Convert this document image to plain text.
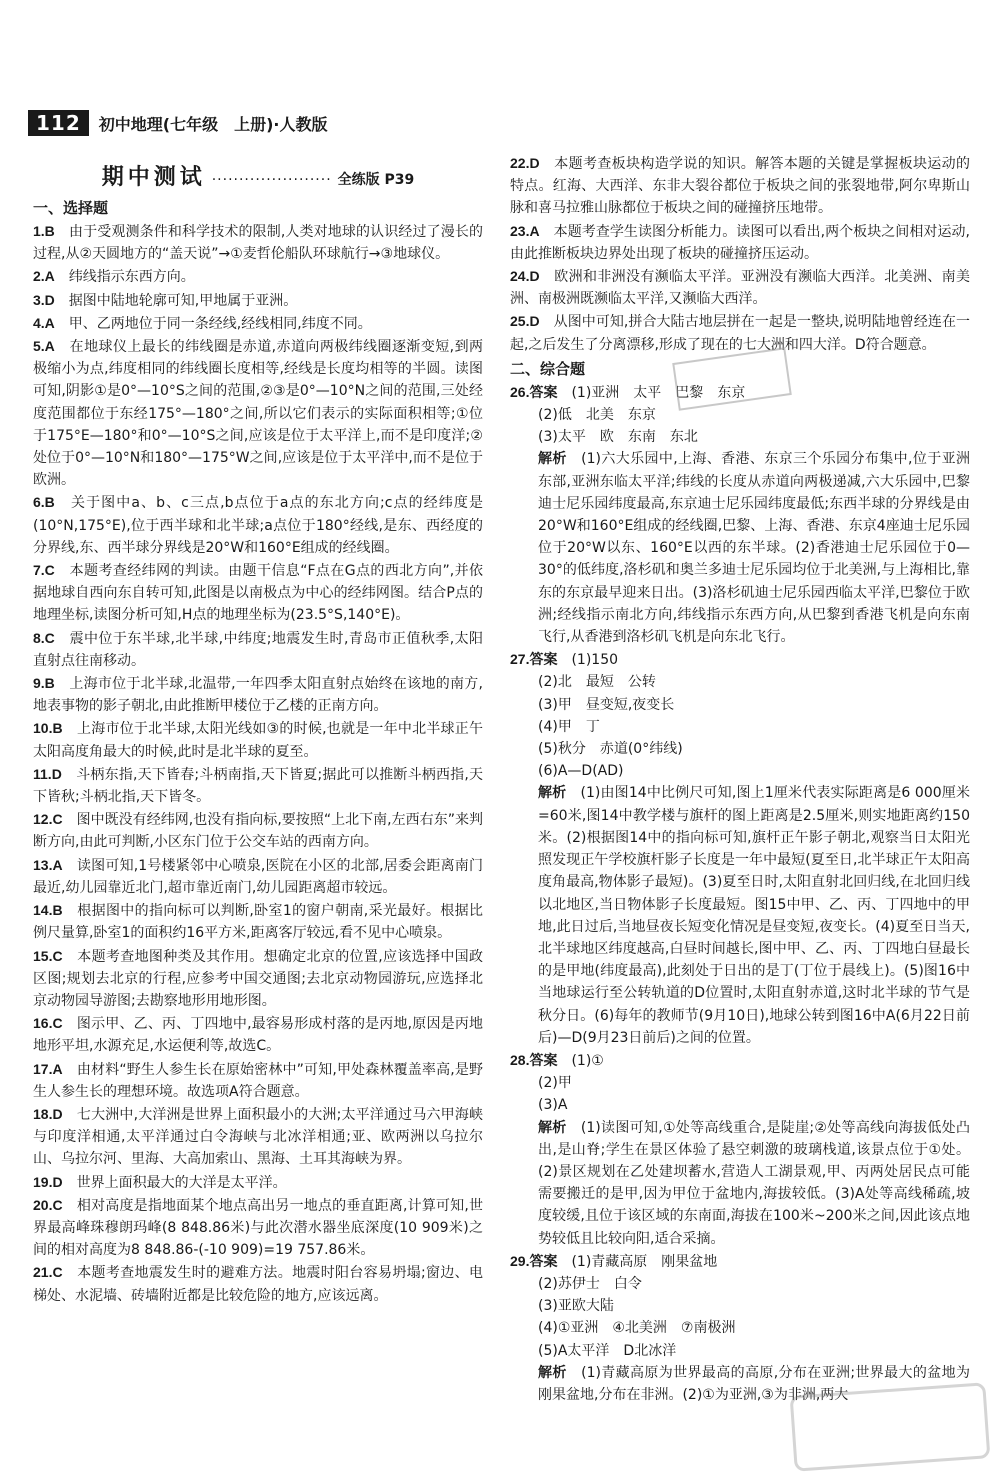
112	初中地理(七年级　上册)·人教版
期中测试 ······················ 全练版 P39
一、选择题

1.B　由于受观测条件和科学技术的限制,人类对地球的认识经过了漫长的过程,从②天圆地方的“盖天说”→①麦哲伦船队环球航行→③地球仪。

2.A　纬线指示东西方向。

3.D　据图中陆地轮廓可知,甲地属于亚洲。

4.A　甲、乙两地位于同一条经线,经线相同,纬度不同。

5.A　在地球仪上最长的纬线圈是赤道,赤道向两极纬线圈逐渐变短,到两极缩小为点,纬度相同的纬线圈长度相等,经线是长度均相等的半圆。读图可知,阴影①是0°—10°S之间的范围,②③是0°—10°N之间的范围,三处经度范围都位于东经175°—180°之间,所以它们表示的实际面积相等;①位于175°E—180°和0°—10°S之间,应该是位于太平洋上,而不是印度洋;②处位于0°—10°N和180°—175°W之间,应该是位于太平洋中,而不是位于欧洲。

6.B　关于图中a、b、c三点,b点位于a点的东北方向;c点的经纬度是(10°N,175°E),位于西半球和北半球;a点位于180°经线,是东、西经度的分界线,东、西半球分界线是20°W和160°E组成的经线圈。

7.C　本题考查经纬网的判读。由题干信息“F点在G点的西北方向”,并依据地球自西向东自转可知,此图是以南极点为中心的经纬网图。结合P点的地理坐标,读图分析可知,H点的地理坐标为(23.5°S,140°E)。

8.C　震中位于东半球,北半球,中纬度;地震发生时,青岛市正值秋季,太阳直射点往南移动。

9.B　上海市位于北半球,北温带,一年四季太阳直射点始终在该地的南方,地表事物的影子朝北,由此推断甲楼位于乙楼的正南方向。

10.B　上海市位于北半球,太阳光线如③的时候,也就是一年中北半球正午太阳高度角最大的时候,此时是北半球的夏至。

11.D　斗柄东指,天下皆春;斗柄南指,天下皆夏;据此可以推断斗柄西指,天下皆秋;斗柄北指,天下皆冬。

12.C　图中既没有经纬网,也没有指向标,要按照“上北下南,左西右东”来判断方向,由此可判断,小区东门位于公交车站的西南方向。

13.A　读图可知,1号楼紧邻中心喷泉,医院在小区的北部,居委会距离南门最近,幼儿园靠近北门,超市靠近南门,幼儿园距离超市较远。

14.B　根据图中的指向标可以判断,卧室1的窗户朝南,采光最好。根据比例尺量算,卧室1的面积约16平方米,距离客厅较远,看不见中心喷泉。

15.C　本题考查地图种类及其作用。想确定北京的位置,应该选择中国政区图;规划去北京的行程,应参考中国交通图;去北京动物园游玩,应选择北京动物园导游图;去勘察地形用地形图。

16.C　图示甲、乙、丙、丁四地中,最容易形成村落的是丙地,原因是丙地地形平坦,水源充足,水运便利等,故选C。

17.A　由材料“野生人参生长在原始密林中”可知,甲处森林覆盖率高,是野生人参生长的理想环境。故选项A符合题意。

18.D　七大洲中,大洋洲是世界上面积最小的大洲;太平洋通过马六甲海峡与印度洋相通,太平洋通过白令海峡与北冰洋相通;亚、欧两洲以乌拉尔山、乌拉尔河、里海、大高加索山、黑海、土耳其海峡为界。

19.D　世界上面积最大的大洋是太平洋。

20.C　相对高度是指地面某个地点高出另一地点的垂直距离,计算可知,世界最高峰珠穆朗玛峰(8 848.86米)与此次潜水器坐底深度(10 909米)之间的相对高度为8 848.86-(-10 909)=19 757.86米。

21.C　本题考查地震发生时的避难方法。地震时阳台容易坍塌;窗边、电梯处、水泥墙、砖墙附近都是比较危险的地方,应该远离。

22.D　本题考查板块构造学说的知识。解答本题的关键是掌握板块运动的特点。红海、大西洋、东非大裂谷都位于板块之间的张裂地带,阿尔卑斯山脉和喜马拉雅山脉都位于板块之间的碰撞挤压地带。

23.A　本题考查学生读图分析能力。读图可以看出,两个板块之间相对运动,由此推断板块边界处出现了板块的碰撞挤压运动。

24.D　欧洲和非洲没有濒临太平洋。亚洲没有濒临大西洋。北美洲、南美洲、南极洲既濒临太平洋,又濒临大西洋。

25.D　从图中可知,拼合大陆古地层拼在一起是一整块,说明陆地曾经连在一起,之后发生了分离漂移,形成了现在的七大洲和四大洋。D符合题意。

二、综合题
26.答案　(1)亚洲　太平　巴黎　东京
(2)低　北美　东京
(3)太平　欧　东南　东北

解析　(1)六大乐园中,上海、香港、东京三个乐园分布集中,位于亚洲东部,亚洲东临太平洋;纬线的长度从赤道向两极递减,六大乐园中,巴黎迪士尼乐园纬度最高,东京迪士尼乐园纬度最低;东西半球的分界线是由20°W和160°E组成的经线圈,巴黎、上海、香港、东京4座迪士尼乐园位于20°W以东、160°E以西的东半球。(2)香港迪士尼乐园位于0—30°的低纬度,洛杉矶和奥兰多迪士尼乐园均位于北美洲,与上海相比,靠东的东京最早迎来日出。(3)洛杉矶迪士尼乐园西临太平洋,巴黎位于欧洲;经线指示南北方向,纬线指示东西方向,从巴黎到香港飞机是向东南飞行,从香港到洛杉矶飞机是向东北飞行。

27.答案　(1)150
(2)北　最短　公转
(3)甲　昼变短,夜变长
(4)甲　丁
(5)秋分　赤道(0°纬线)
(6)A—D(AD)

解析　(1)由图14中比例尺可知,图上1厘米代表实际距离是6 000厘米=60米,图14中教学楼与旗杆的图上距离是2.5厘米,则实地距离约150米。(2)根据图14中的指向标可知,旗杆正午影子朝北,观察当日太阳光照发现正午学校旗杆影子长度是一年中最短(夏至日,北半球正午太阳高度角最高,物体影子最短)。(3)夏至日时,太阳直射北回归线,在北回归线以北地区,当日物体影子长度最短。图15中甲、乙、丙、丁四地中的甲地,此日过后,当地昼夜长短变化情况是昼变短,夜变长。(4)夏至日当天,北半球地区纬度越高,白昼时间越长,图中甲、乙、丙、丁四地白昼最长的是甲地(纬度最高),此刻处于日出的是丁(丁位于晨线上)。(5)图16中当地球运行至公转轨道的D位置时,太阳直射赤道,这时北半球的节气是秋分日。(6)每年的教师节(9月10日),地球公转到图16中A(6月22日前后)—D(9月23日前后)之间的位置。

28.答案　(1)①
(2)甲
(3)A

解析　(1)读图可知,①处等高线重合,是陡崖;②处等高线向海拔低处凸出,是山脊;学生在景区体验了悬空刺激的玻璃栈道,该景点位于①处。(2)景区规划在乙处建坝蓄水,营造人工湖景观,甲、丙两处居民点可能需要搬迁的是甲,因为甲位于盆地内,海拔较低。(3)A处等高线稀疏,坡度较缓,且位于该区域的东南面,海拔在100米~200米之间,因此该点地势较低且比较向阳,适合采摘。

29.答案　(1)青藏高原　刚果盆地
(2)苏伊士　白令
(3)亚欧大陆
(4)①亚洲　④北美洲　⑦南极洲
(5)A太平洋　D北冰洋

解析　(1)青藏高原为世界最高的高原,分布在亚洲;世界最大的盆地为刚果盆地,分布在非洲。(2)①为亚洲,③为非洲,两大
